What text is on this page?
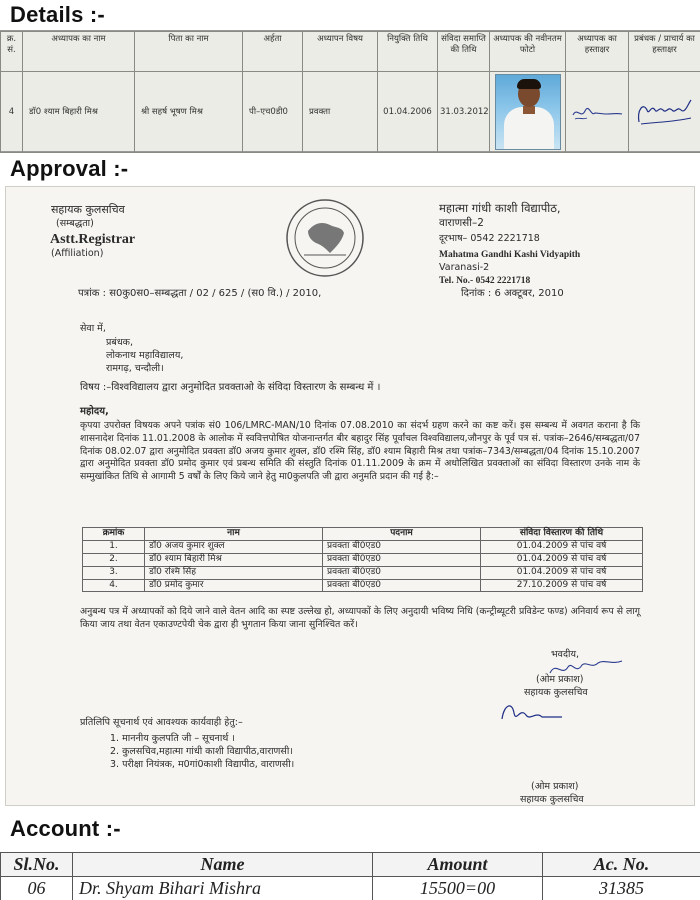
Details :-
क्र. सं.	अध्यापक का नाम	पिता का नाम	अर्हता	अध्यापन विषय	नियुक्ति तिथि	संविदा समाप्ति की तिथि	अध्यापक की नवीनतम फोटो	अध्यापक का हस्ताक्षर	प्रबंधक / प्राचार्य का हस्ताक्षर
4	डॉ0 श्याम बिहारी मिश्र	श्री सहर्ष भूषण मिश्र	पी–एच0डी0	प्रवक्ता	01.04.2006	31.03.2012	

Approval :-
सहायक कुलसचिव
(सम्बद्धता)
Astt.Registrar
(Affiliation)
महात्मा गांधी काशी विद्यापीठ,
वाराणसी–2
दूरभाष– 0542 2221718
Mahatma Gandhi Kashi Vidyapith
Varanasi-2
Tel. No.- 0542 2221718
पत्रांक : स0कु0स0–सम्बद्धता / 02 / 625 / (स0 वि.) / 2010,	दिनांक : 6 अक्टूबर, 2010
सेवा में,
प्रबंधक,
लोकनाथ महाविद्यालय,
रामगढ़, चन्दौली।
विषय :–विश्वविद्यालय द्वारा अनुमोदित प्रवक्ताओ के संविदा विस्तारण के सम्बन्ध में ।
महोदय,
कृपया उपरोक्त विषयक अपने पत्रांक सं0 106/LMRC-MAN/10 दिनांक 07.08.2010 का संदर्भ ग्रहण करने का कष्ट करें। इस सम्बन्ध में अवगत कराना है कि शासनादेश दिनांक 11.01.2008 के आलोक में स्ववित्तपोषित योजनान्तर्गत बीर बहादुर सिंह पूर्वांचल विश्वविद्यालय,जौनपुर के पूर्व पत्र सं. पत्रांक–2646/सम्बद्धता/07 दिनांक 08.02.07 द्वारा अनुमोदित प्रवक्ता डॉ0 अजय कुमार शुक्ल, डॉ0 रश्मि सिंह, डॉ0 श्याम बिहारी मिश्र तथा पत्रांक–7343/सम्बद्धता/04 दिनांक 15.10.2007 द्वारा अनुमोदित प्रवक्ता डॉ0 प्रमोद कुमार एवं प्रबन्ध समिति की संस्तुति दिनांक 01.11.2009 के क्रम में अधोलिखित प्रवक्ताओं का संविदा विस्तारण उनके नाम के सम्मुखांकित तिथि से आगामी 5 वर्षों के लिए किये जाने हेतु मा0कुलपति जी द्वारा अनुमति प्रदान की गई है:–
क्रमांक	नाम	पदनाम	संविदा विस्तारण की तिथि
1.	डॉ0 अजय कुमार शुक्ल	प्रवक्ता बी0एड0	01.04.2009 से पांच वर्ष
2.	डॉ0 श्याम बिहारी मिश्र	प्रवक्ता बी0एड0	01.04.2009 से पांच वर्ष
3.	डॉ0 रश्मि सिंह	प्रवक्ता बी0एड0	01.04.2009 से पांच वर्ष
4.	डॉ0 प्रमोद कुमार	प्रवक्ता बी0एड0	27.10.2009 से पांच वर्ष
अनुबन्ध पत्र में अध्यापकों को दिये जाने वाले वेतन आदि का स्पष्ट उल्लेख हो, अध्यापकों के लिए अनुदायी भविष्य निधि (कन्ट्रीब्यूटरी प्रविडेन्ट फण्ड) अनिवार्य रूप से लागू किया जाय तथा वेतन एकाउण्टपेयी चेक द्वारा ही भुगतान किया जाना सुनिश्चित करें।
भवदीय,
(ओम प्रकाश)
सहायक कुलसचिव
प्रतिलिपि सूचनार्थ एवं आवश्यक कार्यवाही हेतु:–
1. माननीय कुलपति जी – सूचनार्थ ।
2. कुलसचिव,महात्मा गांधी काशी विद्यापीठ,वाराणसी।
3. परीक्षा नियंत्रक, म0गां0काशी विद्यापीठ, वाराणसी।
(ओम प्रकाश)
सहायक कुलसचिव
Account :-
Sl.No.	Name	Amount	Ac. No.
06	Dr. Shyam Bihari Mishra	15500=00	31385
